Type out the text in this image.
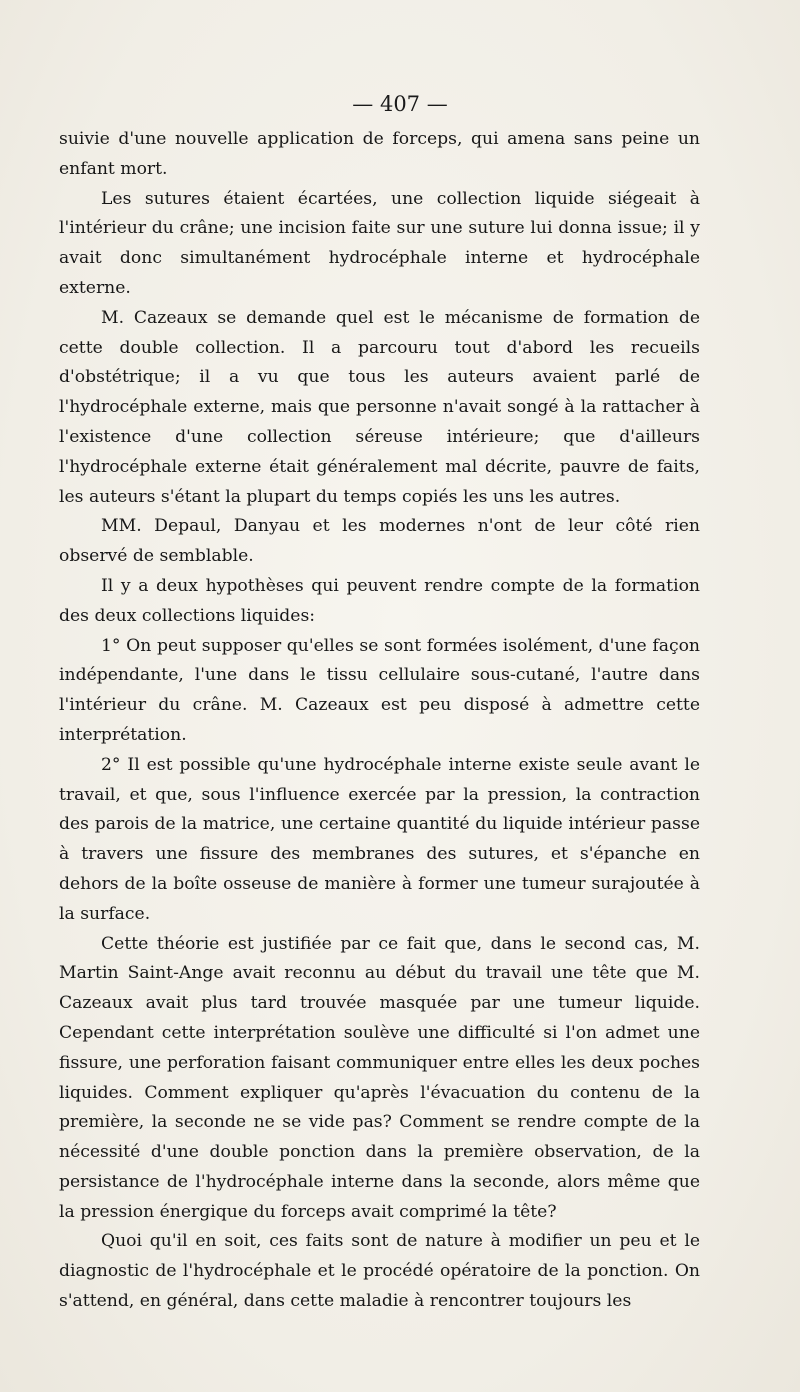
— 407 —

suivie d'une nouvelle application de forceps, qui amena sans peine un enfant mort.

Les sutures étaient écartées, une collection liquide siégeait à l'intérieur du crâne; une incision faite sur une suture lui donna issue; il y avait donc simultanément hydrocéphale interne et hydrocéphale externe.

M. Cazeaux se demande quel est le mécanisme de formation de cette double collection. Il a parcouru tout d'abord les recueils d'obstétrique; il a vu que tous les auteurs avaient parlé de l'hydrocéphale externe, mais que personne n'avait songé à la rattacher à l'existence d'une collection séreuse intérieure; que d'ailleurs l'hydrocéphale externe était généralement mal décrite, pauvre de faits, les auteurs s'étant la plupart du temps copiés les uns les autres.

MM. Depaul, Danyau et les modernes n'ont de leur côté rien observé de semblable.

Il y a deux hypothèses qui peuvent rendre compte de la formation des deux collections liquides:

1° On peut supposer qu'elles se sont formées isolément, d'une façon indépendante, l'une dans le tissu cellulaire sous-cutané, l'autre dans l'intérieur du crâne. M. Cazeaux est peu disposé à admettre cette interprétation.

2° Il est possible qu'une hydrocéphale interne existe seule avant le travail, et que, sous l'influence exercée par la pression, la contraction des parois de la matrice, une certaine quantité du liquide intérieur passe à travers une fissure des membranes des sutures, et s'épanche en dehors de la boîte osseuse de manière à former une tumeur surajoutée à la surface.

Cette théorie est justifiée par ce fait que, dans le second cas, M. Martin Saint-Ange avait reconnu au début du travail une tête que M. Cazeaux avait plus tard trouvée masquée par une tumeur liquide. Cependant cette interprétation soulève une difficulté si l'on admet une fissure, une perforation faisant communiquer entre elles les deux poches liquides. Comment expliquer qu'après l'évacuation du contenu de la première, la seconde ne se vide pas? Comment se rendre compte de la nécessité d'une double ponction dans la première observation, de la persistance de l'hydrocéphale interne dans la seconde, alors même que la pression énergique du forceps avait comprimé la tête?

Quoi qu'il en soit, ces faits sont de nature à modifier un peu et le diagnostic de l'hydrocéphale et le procédé opératoire de la ponction. On s'attend, en général, dans cette maladie à rencontrer toujours les
